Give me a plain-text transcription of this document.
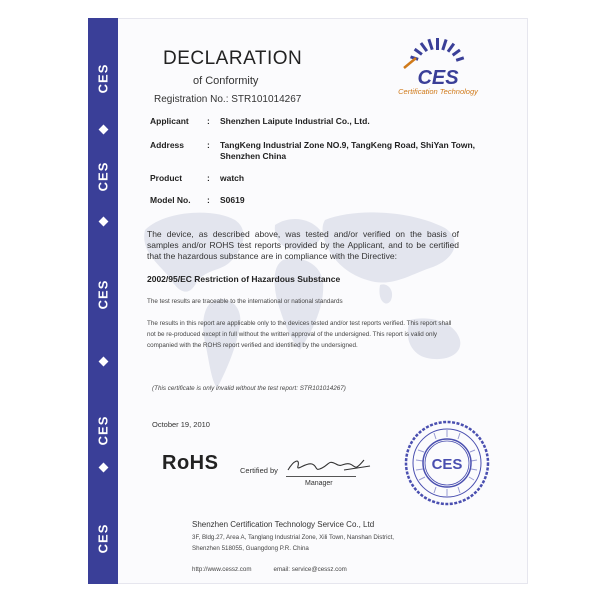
CES
CES
CES
CES
CES
DECLARATION
of Conformity
Registration No.: STR101014267
CES
Certification Technology
Applicant	: Shenzhen Laipute Industrial Co., Ltd.
Address	: TangKeng Industrial Zone NO.9, TangKeng Road, ShiYan Town, Shenzhen China
Product	: watch
Model No.	: S0619
The device, as described above, was tested and/or verified on the basis of samples and/or ROHS test reports provided by the Applicant, and to be certified that the hazardous substance are in compliance with the Directive:
2002/95/EC Restriction of Hazardous Substance
The test results are traceable to the international or national standards
The results in this report are applicable only to the devices tested and/or test reports verified. This report shall not be re-produced except in full without the written approval of the undersigned. This report is valid only companied with the ROHS report verified and identified by the undersigned.
(This certificate is only invalid without the test report: STR101014267)
October 19, 2010
RoHS	Certified by
Manager
CES
Shenzhen Certification Technology Service Co., Ltd
3F, Bldg.27, Area A, Tanglang Industrial Zone, Xili Town, Nanshan District,
Shenzhen 518055, Guangdong P.R. China
http://www.cessz.com	email: service@cessz.com
